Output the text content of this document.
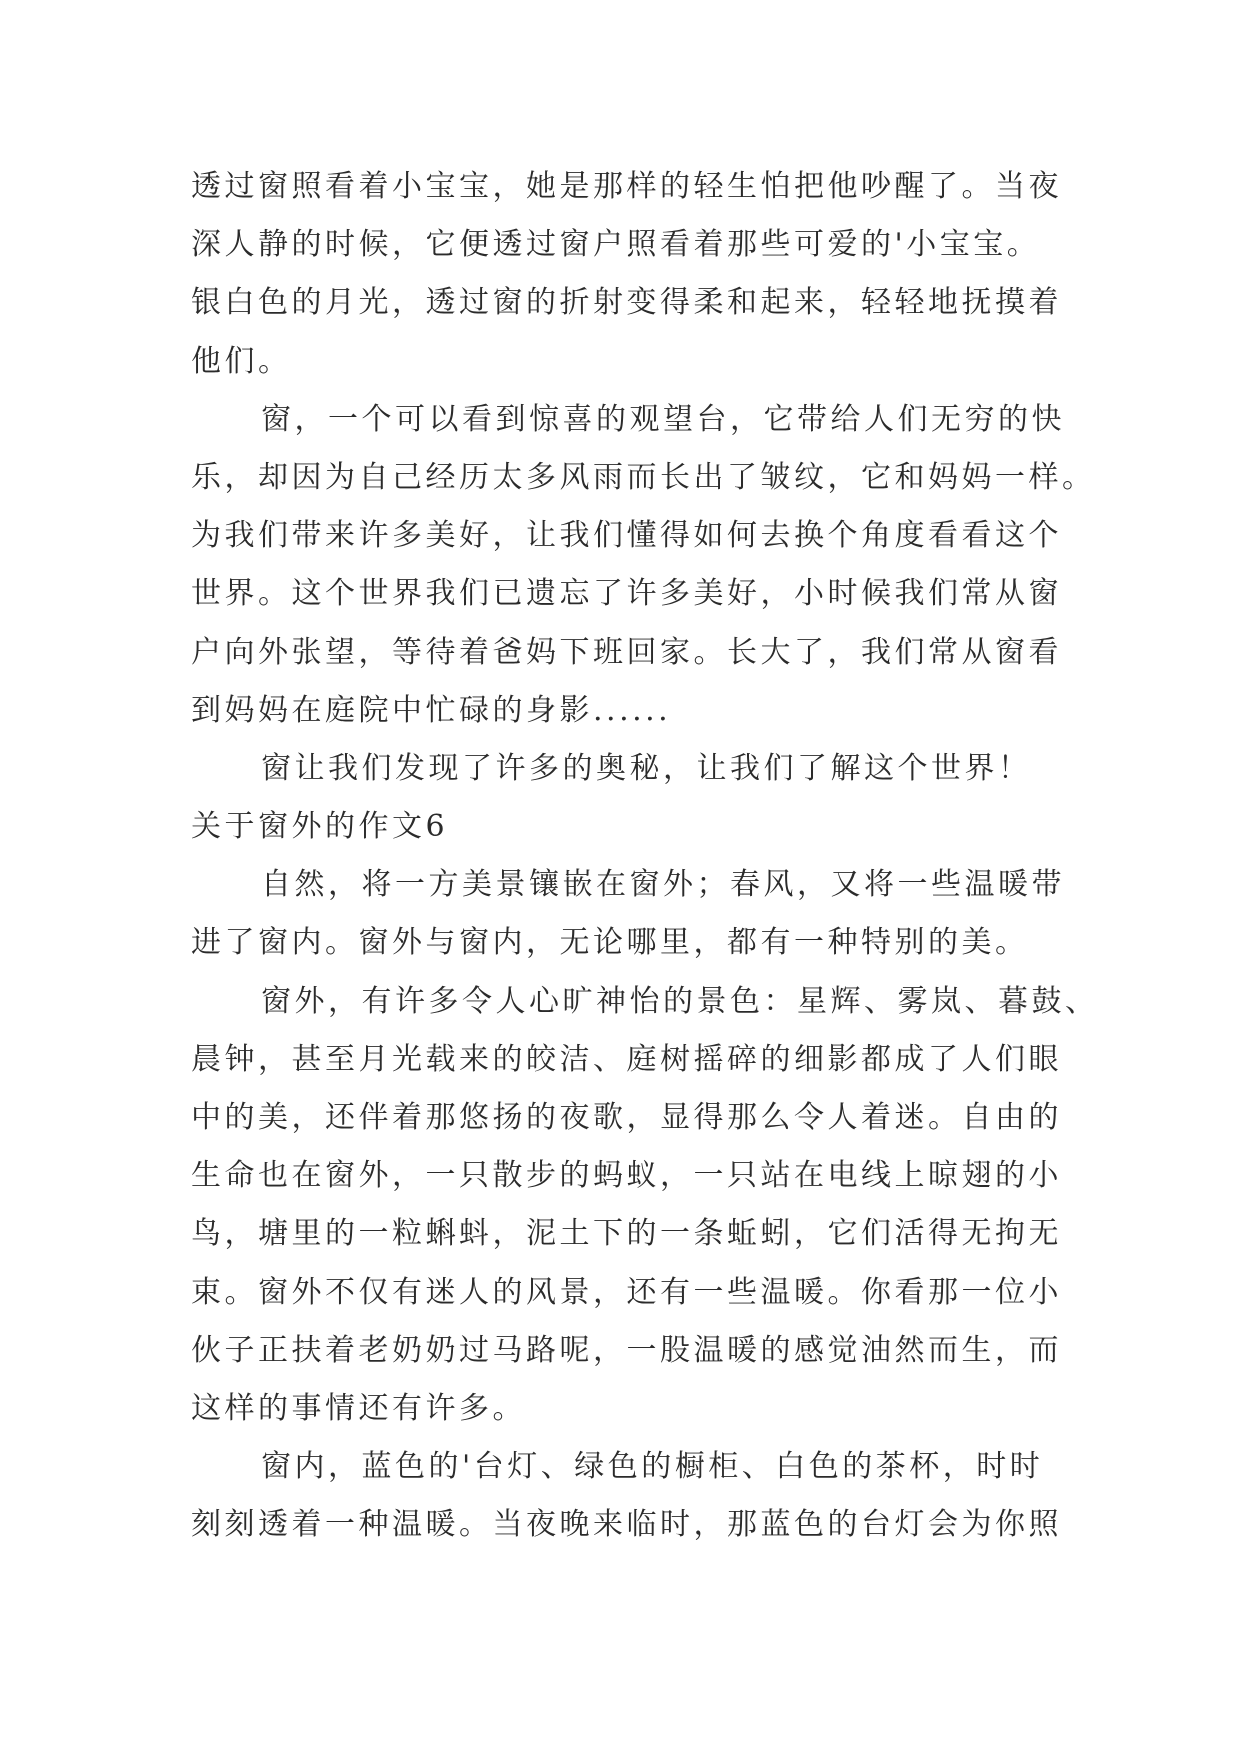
透过窗照看着小宝宝，她是那样的轻生怕把他吵醒了。当夜
深人静的时候，它便透过窗户照看着那些可爱的'小宝宝。
银白色的月光，透过窗的折射变得柔和起来，轻轻地抚摸着
他们。
窗，一个可以看到惊喜的观望台，它带给人们无穷的快
乐，却因为自己经历太多风雨而长出了皱纹，它和妈妈一样。
为我们带来许多美好，让我们懂得如何去换个角度看看这个
世界。这个世界我们已遗忘了许多美好，小时候我们常从窗
户向外张望，等待着爸妈下班回家。长大了，我们常从窗看
到妈妈在庭院中忙碌的身影......
窗让我们发现了许多的奥秘，让我们了解这个世界！
关于窗外的作文6
自然，将一方美景镶嵌在窗外；春风，又将一些温暖带
进了窗内。窗外与窗内，无论哪里，都有一种特别的美。
窗外，有许多令人心旷神怡的景色：星辉、雾岚、暮鼓、
晨钟，甚至月光载来的皎洁、庭树摇碎的细影都成了人们眼
中的美，还伴着那悠扬的夜歌，显得那么令人着迷。自由的
生命也在窗外，一只散步的蚂蚁，一只站在电线上晾翅的小
鸟，塘里的一粒蝌蚪，泥土下的一条蚯蚓，它们活得无拘无
束。窗外不仅有迷人的风景，还有一些温暖。你看那一位小
伙子正扶着老奶奶过马路呢，一股温暖的感觉油然而生，而
这样的事情还有许多。
窗内，蓝色的'台灯、绿色的橱柜、白色的茶杯，时时
刻刻透着一种温暖。当夜晚来临时，那蓝色的台灯会为你照
